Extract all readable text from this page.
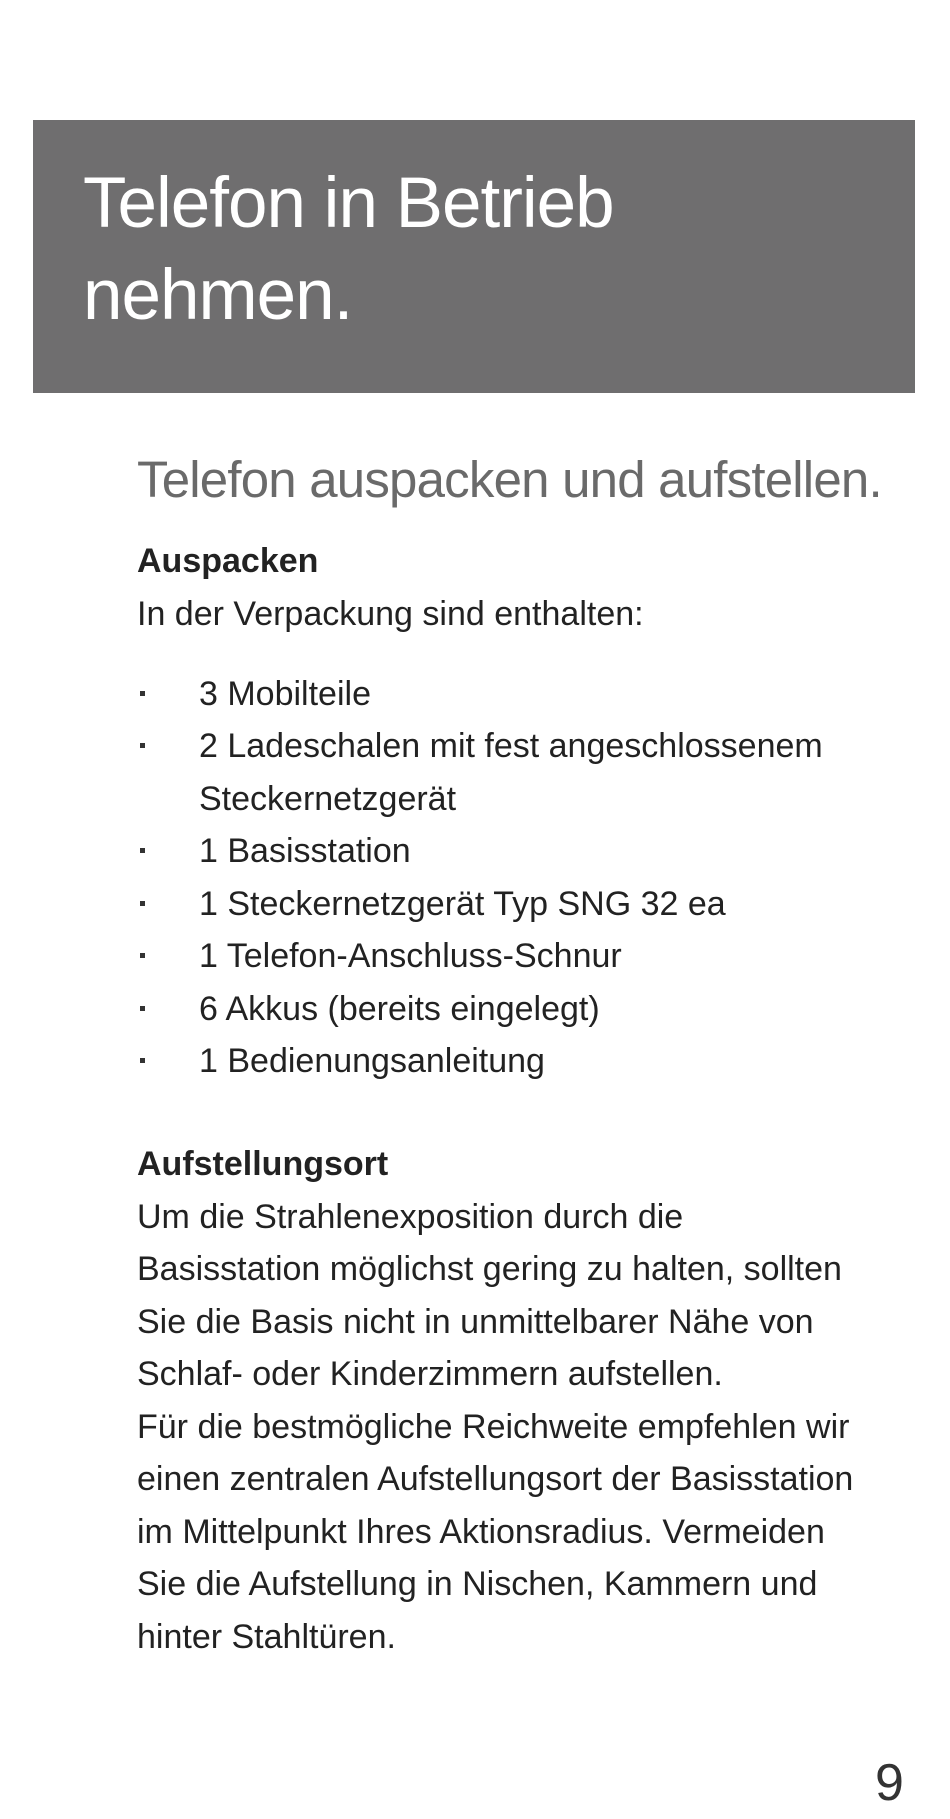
Telefon in Betrieb
nehmen.
Telefon auspacken und aufstellen.
Auspacken

In der Verpackung sind enthalten:

3 Mobilteile
2 Ladeschalen mit fest angeschlossenem
Steckernetzgerät
1 Basisstation
1 Steckernetzgerät Typ SNG 32 ea
1 Telefon-Anschluss-Schnur
6 Akkus (bereits eingelegt)
1 Bedienungsanleitung
Aufstellungsort

Um die Strahlenexposition durch die
Basisstation möglichst gering zu halten, sollten
Sie die Basis nicht in unmittelbarer Nähe von
Schlaf- oder Kinderzimmern aufstellen.
Für die bestmögliche Reichweite empfehlen wir
einen zentralen Aufstellungsort der Basisstation
im Mittelpunkt Ihres Aktionsradius. Vermeiden
Sie die Aufstellung in Nischen, Kammern und
hinter Stahltüren.

9
